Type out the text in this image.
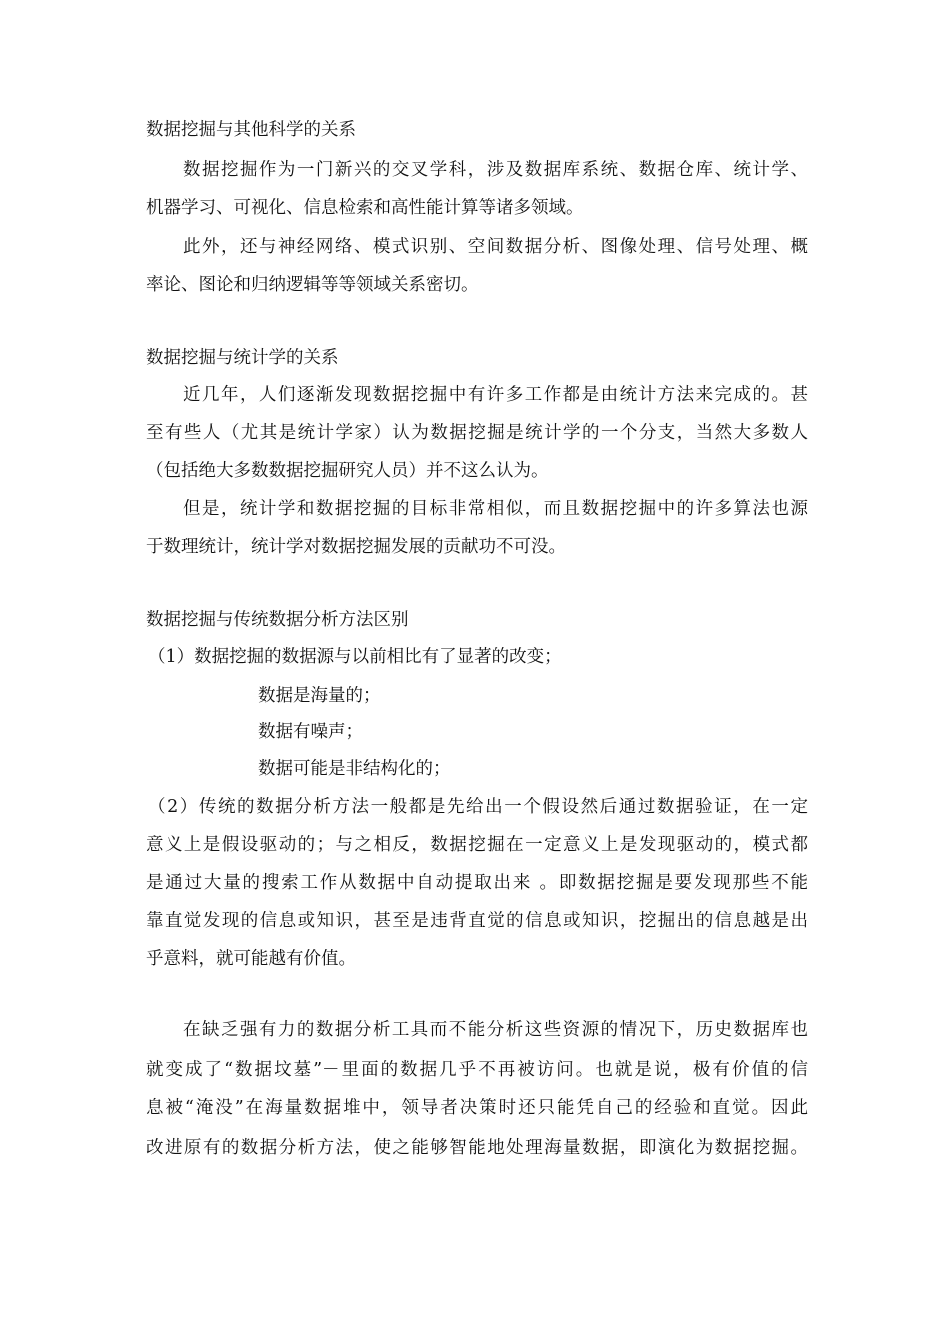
数据挖掘与其他科学的关系
数据挖掘作为一门新兴的交叉学科，涉及数据库系统、数据仓库、统计学、
机器学习、可视化、信息检索和高性能计算等诸多领域。
此外，还与神经网络、模式识别、空间数据分析、图像处理、信号处理、概
率论、图论和归纳逻辑等等领域关系密切。
数据挖掘与统计学的关系
近几年，人们逐渐发现数据挖掘中有许多工作都是由统计方法来完成的。甚
至有些人（尤其是统计学家）认为数据挖掘是统计学的一个分支，当然大多数人
（包括绝大多数数据挖掘研究人员）并不这么认为。
但是，统计学和数据挖掘的目标非常相似，而且数据挖掘中的许多算法也源
于数理统计，统计学对数据挖掘发展的贡献功不可没。
数据挖掘与传统数据分析方法区别
（1）数据挖掘的数据源与以前相比有了显著的改变；
数据是海量的；
数据有噪声；
数据可能是非结构化的；
（2）传统的数据分析方法一般都是先给出一个假设然后通过数据验证，在一定
意义上是假设驱动的；与之相反，数据挖掘在一定意义上是发现驱动的，模式都
是通过大量的搜索工作从数据中自动提取出来 。即数据挖掘是要发现那些不能
靠直觉发现的信息或知识，甚至是违背直觉的信息或知识，挖掘出的信息越是出
乎意料，就可能越有价值。
在缺乏强有力的数据分析工具而不能分析这些资源的情况下，历史数据库也
就变成了“数据坟墓”－里面的数据几乎不再被访问。也就是说，极有价值的信
息被“淹没”在海量数据堆中，领导者决策时还只能凭自己的经验和直觉。因此
改进原有的数据分析方法，使之能够智能地处理海量数据，即演化为数据挖掘。
